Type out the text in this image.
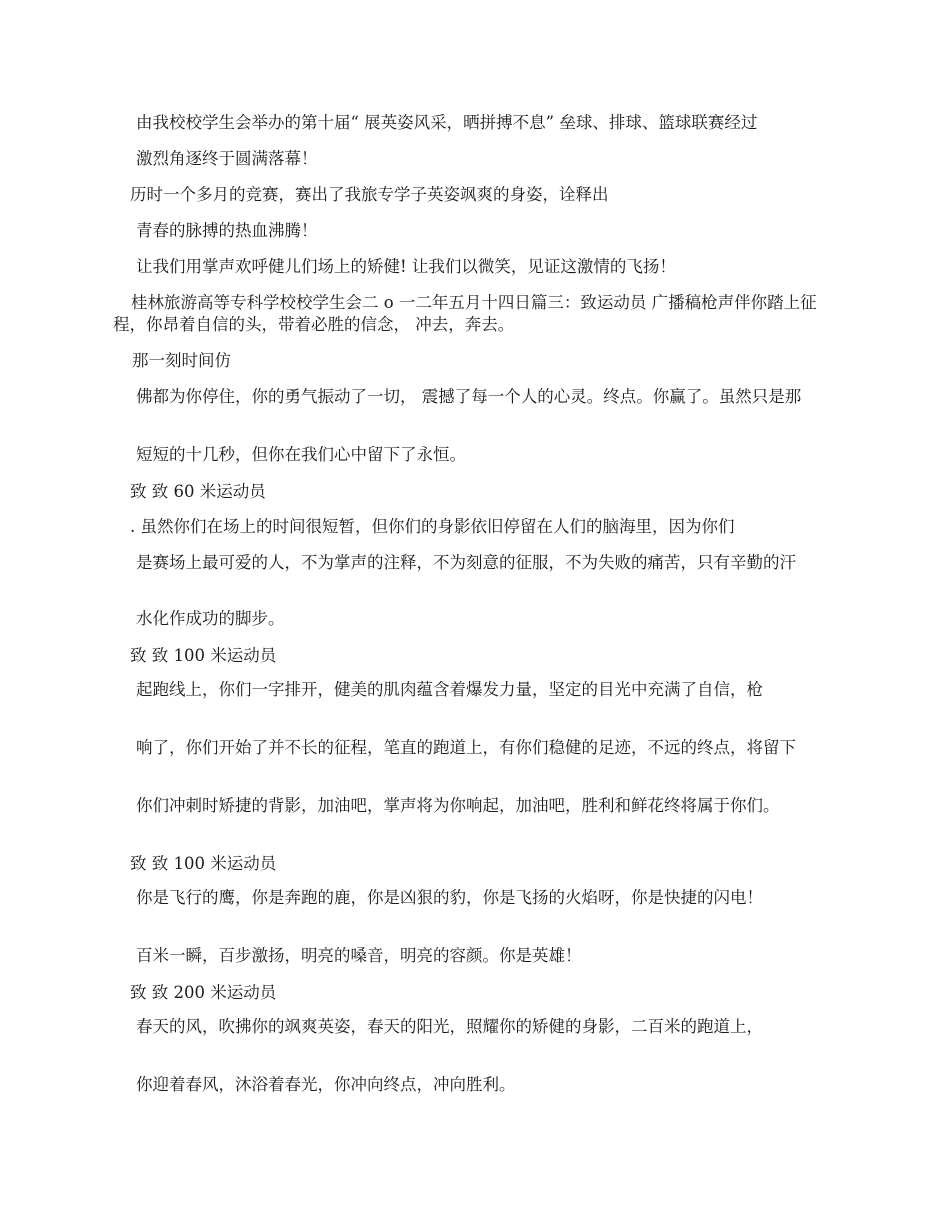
由我校校学生会举办的第十届“ 展英姿风采，晒拼搏不息” 垒球、排球、篮球联赛经过
激烈角逐终于圆满落幕！
历时一个多月的竞赛，赛出了我旅专学子英姿飒爽的身姿，诠释出
青春的脉搏的热血沸腾！
让我们用掌声欢呼健儿们场上的矫健! 让我们以微笑，见证这激情的飞扬！
桂林旅游高等专科学校校学生会二 o 一二年五月十四日篇三：致运动员 广播稿枪声伴你踏上征程，你昂着自信的头，带着必胜的信念， 冲去，奔去。
那一刻时间仿
佛都为你停住，你的勇气振动了一切， 震撼了每一个人的心灵。终点。你赢了。虽然只是那
短短的十几秒，但你在我们心中留下了永恒。
致 致 60 米运动员
. 虽然你们在场上的时间很短暂，但你们的身影依旧停留在人们的脑海里，因为你们
是赛场上最可爱的人，不为掌声的注释，不为刻意的征服，不为失败的痛苦，只有辛勤的汗
水化作成功的脚步。
致 致 100 米运动员
起跑线上，你们一字排开，健美的肌肉蕴含着爆发力量，坚定的目光中充满了自信，枪
响了，你们开始了并不长的征程，笔直的跑道上，有你们稳健的足迹，不远的终点，将留下
你们冲刺时矫捷的背影，加油吧，掌声将为你响起，加油吧，胜利和鲜花终将属于你们。
致 致 100 米运动员
你是飞行的鹰，你是奔跑的鹿，你是凶狠的豹，你是飞扬的火焰呀，你是快捷的闪电！
百米一瞬，百步激扬，明亮的嗓音，明亮的容颜。你是英雄！
致 致 200 米运动员
春天的风，吹拂你的飒爽英姿，春天的阳光，照耀你的矫健的身影，二百米的跑道上，
你迎着春风，沐浴着春光，你冲向终点，冲向胜利。
